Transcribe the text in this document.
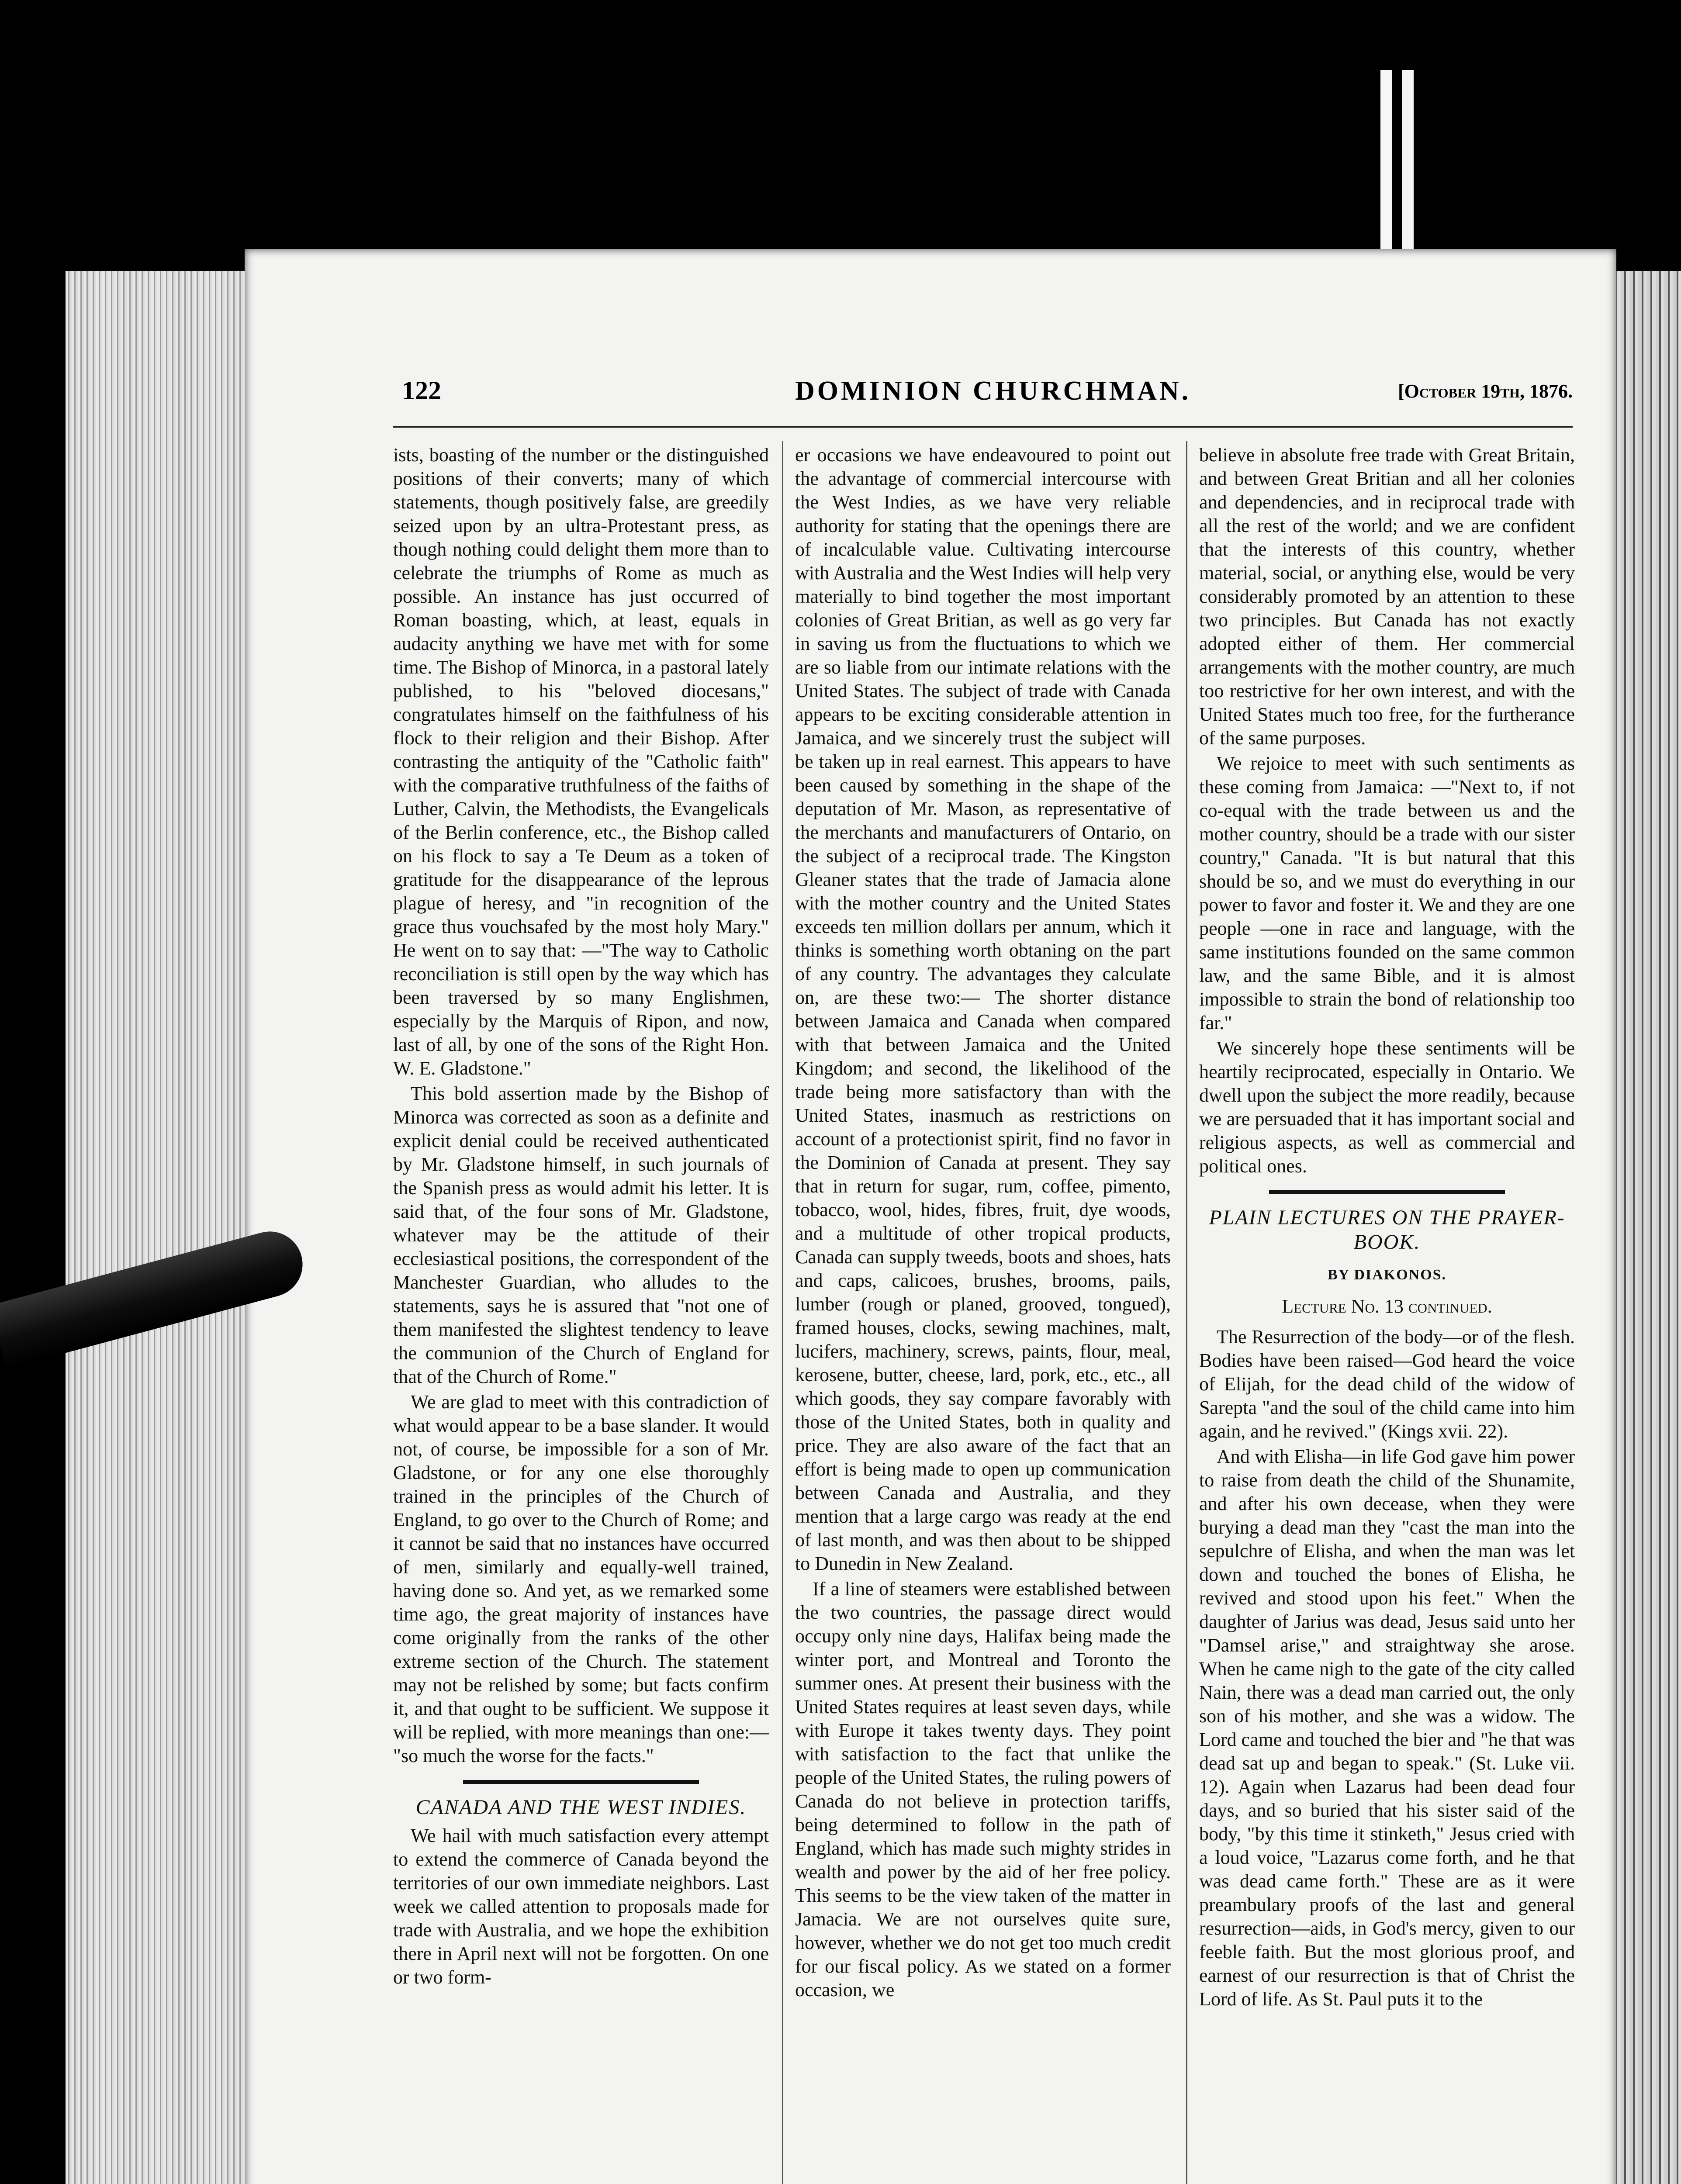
122	DOMINION CHURCHMAN.	[October 19th, 1876.

ists, boasting of the number or the distinguished positions of their converts; many of which statements, though positively false, are greedily seized upon by an ultra-Protestant press, as though nothing could delight them more than to celebrate the triumphs of Rome as much as possible. An instance has just occurred of Roman boasting, which, at least, equals in audacity anything we have met with for some time. The Bishop of Minorca, in a pastoral lately published, to his "beloved diocesans," congratulates himself on the faithfulness of his flock to their religion and their Bishop. After contrasting the antiquity of the "Catholic faith" with the comparative truthfulness of the faiths of Luther, Calvin, the Methodists, the Evangelicals of the Berlin conference, etc., the Bishop called on his flock to say a Te Deum as a token of gratitude for the disappearance of the leprous plague of heresy, and "in recognition of the grace thus vouchsafed by the most holy Mary." He went on to say that: —"The way to Catholic reconciliation is still open by the way which has been traversed by so many Englishmen, especially by the Marquis of Ripon, and now, last of all, by one of the sons of the Right Hon. W. E. Gladstone."

This bold assertion made by the Bishop of Minorca was corrected as soon as a definite and explicit denial could be received authenticated by Mr. Gladstone himself, in such journals of the Spanish press as would admit his letter. It is said that, of the four sons of Mr. Gladstone, whatever may be the attitude of their ecclesiastical positions, the correspondent of the Manchester Guardian, who alludes to the statements, says he is assured that "not one of them manifested the slightest tendency to leave the communion of the Church of England for that of the Church of Rome."

We are glad to meet with this contradiction of what would appear to be a base slander. It would not, of course, be impossible for a son of Mr. Gladstone, or for any one else thoroughly trained in the principles of the Church of England, to go over to the Church of Rome; and it cannot be said that no instances have occurred of men, similarly and equally-well trained, having done so. And yet, as we remarked some time ago, the great majority of instances have come originally from the ranks of the other extreme section of the Church. The statement may not be relished by some; but facts confirm it, and that ought to be sufficient. We suppose it will be replied, with more meanings than one:— "so much the worse for the facts."

CANADA AND THE WEST INDIES.

We hail with much satisfaction every attempt to extend the commerce of Canada beyond the territories of our own immediate neighbors. Last week we called attention to proposals made for trade with Australia, and we hope the exhibition there in April next will not be forgotten. On one or two form-

er occasions we have endeavoured to point out the advantage of commercial intercourse with the West Indies, as we have very reliable authority for stating that the openings there are of incalculable value. Cultivating intercourse with Australia and the West Indies will help very materially to bind together the most important colonies of Great Britian, as well as go very far in saving us from the fluctuations to which we are so liable from our intimate relations with the United States. The subject of trade with Canada appears to be exciting considerable attention in Jamaica, and we sincerely trust the subject will be taken up in real earnest. This appears to have been caused by something in the shape of the deputation of Mr. Mason, as representative of the merchants and manufacturers of Ontario, on the subject of a reciprocal trade. The Kingston Gleaner states that the trade of Jamacia alone with the mother country and the United States exceeds ten million dollars per annum, which it thinks is something worth obtaning on the part of any country. The advantages they calculate on, are these two:— The shorter distance between Jamaica and Canada when compared with that between Jamaica and the United Kingdom; and second, the likelihood of the trade being more satisfactory than with the United States, inasmuch as restrictions on account of a protectionist spirit, find no favor in the Dominion of Canada at present. They say that in return for sugar, rum, coffee, pimento, tobacco, wool, hides, fibres, fruit, dye woods, and a multitude of other tropical products, Canada can supply tweeds, boots and shoes, hats and caps, calicoes, brushes, brooms, pails, lumber (rough or planed, grooved, tongued), framed houses, clocks, sewing machines, malt, lucifers, machinery, screws, paints, flour, meal, kerosene, butter, cheese, lard, pork, etc., etc., all which goods, they say compare favorably with those of the United States, both in quality and price. They are also aware of the fact that an effort is being made to open up communication between Canada and Australia, and they mention that a large cargo was ready at the end of last month, and was then about to be shipped to Dunedin in New Zealand.

If a line of steamers were established between the two countries, the passage direct would occupy only nine days, Halifax being made the winter port, and Montreal and Toronto the summer ones. At present their business with the United States requires at least seven days, while with Europe it takes twenty days. They point with satisfaction to the fact that unlike the people of the United States, the ruling powers of Canada do not believe in protection tariffs, being determined to follow in the path of England, which has made such mighty strides in wealth and power by the aid of her free policy. This seems to be the view taken of the matter in Jamacia. We are not ourselves quite sure, however, whether we do not get too much credit for our fiscal policy. As we stated on a former occasion, we

believe in absolute free trade with Great Britain, and between Great Britian and all her colonies and dependencies, and in reciprocal trade with all the rest of the world; and we are confident that the interests of this country, whether material, social, or anything else, would be very considerably promoted by an attention to these two principles. But Canada has not exactly adopted either of them. Her commercial arrangements with the mother country, are much too restrictive for her own interest, and with the United States much too free, for the furtherance of the same purposes.

We rejoice to meet with such sentiments as these coming from Jamaica: —"Next to, if not co-equal with the trade between us and the mother country, should be a trade with our sister country," Canada. "It is but natural that this should be so, and we must do everything in our power to favor and foster it. We and they are one people —one in race and language, with the same institutions founded on the same common law, and the same Bible, and it is almost impossible to strain the bond of relationship too far."

We sincerely hope these sentiments will be heartily reciprocated, especially in Ontario. We dwell upon the subject the more readily, because we are persuaded that it has important social and religious aspects, as well as commercial and political ones.

PLAIN LECTURES ON THE PRAYER-BOOK.
BY DIAKONOS.
Lecture No. 13 continued.

The Resurrection of the body—or of the flesh. Bodies have been raised—God heard the voice of Elijah, for the dead child of the widow of Sarepta "and the soul of the child came into him again, and he revived." (Kings xvii. 22).

And with Elisha—in life God gave him power to raise from death the child of the Shunamite, and after his own decease, when they were burying a dead man they "cast the man into the sepulchre of Elisha, and when the man was let down and touched the bones of Elisha, he revived and stood upon his feet." When the daughter of Jarius was dead, Jesus said unto her "Damsel arise," and straightway she arose. When he came nigh to the gate of the city called Nain, there was a dead man carried out, the only son of his mother, and she was a widow. The Lord came and touched the bier and "he that was dead sat up and began to speak." (St. Luke vii. 12). Again when Lazarus had been dead four days, and so buried that his sister said of the body, "by this time it stinketh," Jesus cried with a loud voice, "Lazarus come forth, and he that was dead came forth." These are as it were preambulary proofs of the last and general resurrection—aids, in God's mercy, given to our feeble faith. But the most glorious proof, and earnest of our resurrection is that of Christ the Lord of life. As St. Paul puts it to the
